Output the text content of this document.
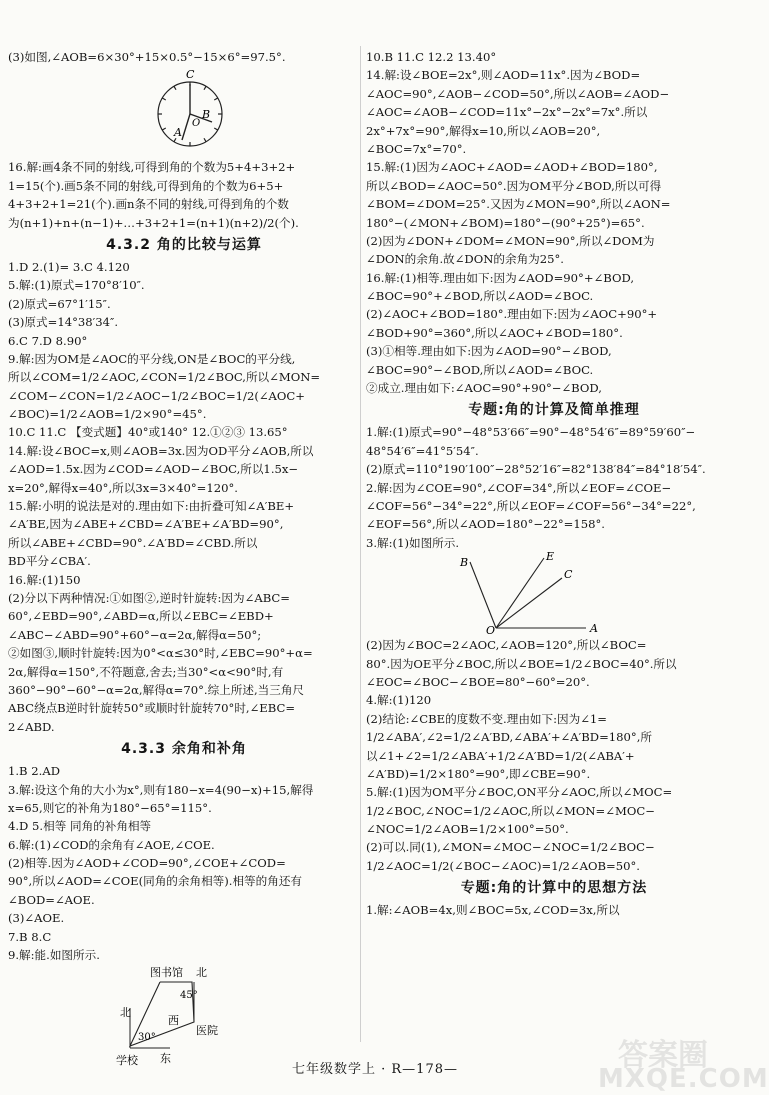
(3)如图,∠AOB=6×30°+15×0.5°−15×6°=97.5°.
C
A
B
O
16.解:画4条不同的射线,可得到角的个数为5+4+3+2+
1=15(个).画5条不同的射线,可得到角的个数为6+5+
4+3+2+1=21(个).画n条不同的射线,可得到角的个数
为(n+1)+n+(n−1)+…+3+2+1=(n+1)(n+2)/2(个).
4.3.2 角的比较与运算
1.D 2.(1)= 3.C 4.120
5.解:(1)原式=170°8′10″.
(2)原式=67°1′15″.
(3)原式=14°38′34″.
6.C 7.D 8.90°
9.解:因为OM是∠AOC的平分线,ON是∠BOC的平分线,
所以∠COM=1/2∠AOC,∠CON=1/2∠BOC,所以∠MON=
∠COM−∠CON=1/2∠AOC−1/2∠BOC=1/2(∠AOC+
∠BOC)=1/2∠AOB=1/2×90°=45°.
10.C 11.C 【变式题】40°或140° 12.①②③ 13.65°
14.解:设∠BOC=x,则∠AOB=3x.因为OD平分∠AOB,所以
∠AOD=1.5x.因为∠COD=∠AOD−∠BOC,所以1.5x−
x=20°,解得x=40°,所以3x=3×40°=120°.
15.解:小明的说法是对的.理由如下:由折叠可知∠A′BE+
∠A′BE,因为∠ABE+∠CBD=∠A′BE+∠A′BD=90°,
所以∠ABE+∠CBD=90°.∠A′BD=∠CBD.所以
BD平分∠CBA′.
16.解:(1)150
(2)分以下两种情况:①如图②,逆时针旋转:因为∠ABC=
60°,∠EBD=90°,∠ABD=α,所以∠EBC=∠EBD+
∠ABC−∠ABD=90°+60°−α=2α,解得α=50°;
②如图③,顺时针旋转:因为0°<α≤30°时,∠EBC=90°+α=
2α,解得α=150°,不符题意,舍去;当30°<α<90°时,有
360°−90°−60°−α=2α,解得α=70°.综上所述,当三角尺
ABC绕点B逆时针旋转50°或顺时针旋转70°时,∠EBC=
2∠ABD.
4.3.3 余角和补角
1.B 2.AD
3.解:设这个角的大小为x°,则有180−x=4(90−x)+15,解得
x=65,则它的补角为180°−65°=115°.
4.D 5.相等 同角的补角相等
6.解:(1)∠COD的余角有∠AOE,∠COE.
(2)相等.因为∠AOD+∠COD=90°,∠COE+∠COD=
90°,所以∠AOD=∠COE(同角的余角相等).相等的角还有
∠BOD=∠AOE.
(3)∠AOE.
7.B 8.C
9.解:能.如图所示.
图书馆 北
45°
西
医院
北
30°
东
学校
10.B 11.C 12.2 13.40°
14.解:设∠BOE=2x°,则∠AOD=11x°.因为∠BOD=
∠AOC=90°,∠AOB−∠COD=50°,所以∠AOB=∠AOD−
∠AOC=∠AOB−∠COD=11x°−2x°−2x°=7x°.所以
2x°+7x°=90°,解得x=10,所以∠AOB=20°,
∠BOC=7x°=70°.
15.解:(1)因为∠AOC+∠AOD=∠AOD+∠BOD=180°,
所以∠BOD=∠AOC=50°.因为OM平分∠BOD,所以可得
∠BOM=∠DOM=25°.又因为∠MON=90°,所以∠AON=
180°−(∠MON+∠BOM)=180°−(90°+25°)=65°.
(2)因为∠DON+∠DOM=∠MON=90°,所以∠DOM为
∠DON的余角.故∠DON的余角为25°.
16.解:(1)相等.理由如下:因为∠AOD=90°+∠BOD,
∠BOC=90°+∠BOD,所以∠AOD=∠BOC.
(2)∠AOC+∠BOD=180°.理由如下:因为∠AOC+90°+
∠BOD+90°=360°,所以∠AOC+∠BOD=180°.
(3)①相等.理由如下:因为∠AOD=90°−∠BOD,
∠BOC=90°−∠BOD,所以∠AOD=∠BOC.
②成立.理由如下:∠AOC=90°+90°−∠BOD,
专题:角的计算及简单推理
1.解:(1)原式=90°−48°53′66″=90°−48°54′6″=89°59′60″−
48°54′6″=41°5′54″.
(2)原式=110°190′100″−28°52′16″=82°138′84″=84°18′54″.
2.解:因为∠COE=90°,∠COF=34°,所以∠EOF=∠COE−
∠COF=56°−34°=22°,所以∠EOF=∠COF=56°−34°=22°,
∠EOF=56°,所以∠AOD=180°−22°=158°.
3.解:(1)如图所示.
E
C
B
O	A
(2)因为∠BOC=2∠AOC,∠AOB=120°,所以∠BOC=
80°.因为OE平分∠BOC,所以∠BOE=1/2∠BOC=40°.所以
∠EOC=∠BOC−∠BOE=80°−60°=20°.
4.解:(1)120
(2)结论:∠CBE的度数不变.理由如下:因为∠1=
1/2∠ABA′,∠2=1/2∠A′BD,∠ABA′+∠A′BD=180°,所
以∠1+∠2=1/2∠ABA′+1/2∠A′BD=1/2(∠ABA′+
∠A′BD)=1/2×180°=90°,即∠CBE=90°.
5.解:(1)因为OM平分∠BOC,ON平分∠AOC,所以∠MOC=
1/2∠BOC,∠NOC=1/2∠AOC,所以∠MON=∠MOC−
∠NOC=1/2∠AOB=1/2×100°=50°.
(2)可以.同(1),∠MON=∠MOC−∠NOC=1/2∠BOC−
1/2∠AOC=1/2(∠BOC−∠AOC)=1/2∠AOB=50°.
专题:角的计算中的思想方法
1.解:∠AOB=4x,则∠BOC=5x,∠COD=3x,所以
七年级数学上 · R—178—	答案圈
MXQE.COM
